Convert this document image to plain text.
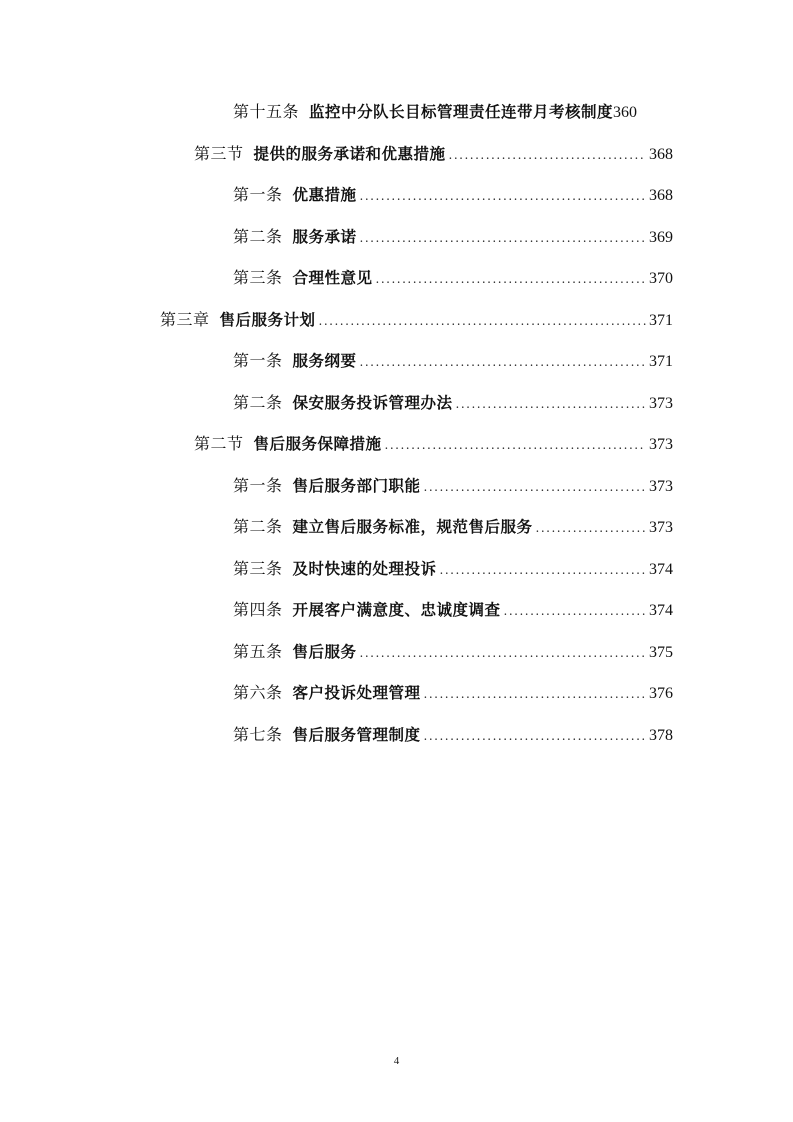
第十五条 监控中分队长目标管理责任连带月考核制度 360
第三节 提供的服务承诺和优惠措施 .....	368
第一条 优惠措施 .....	368
第二条 服务承诺 .....	369
第三条 合理性意见 .....	370
第三章 售后服务计划 .....	371
第一条 服务纲要 .....	371
第二条 保安服务投诉管理办法 .....	373
第二节 售后服务保障措施 .....	373
第一条 售后服务部门职能 .....	373
第二条 建立售后服务标准，规范售后服务 .....	373
第三条 及时快速的处理投诉 .....	374
第四条 开展客户满意度、忠诚度调查 .....	374
第五条 售后服务 .....	375
第六条 客户投诉处理管理 .....	376
第七条 售后服务管理制度 .....	378
4
